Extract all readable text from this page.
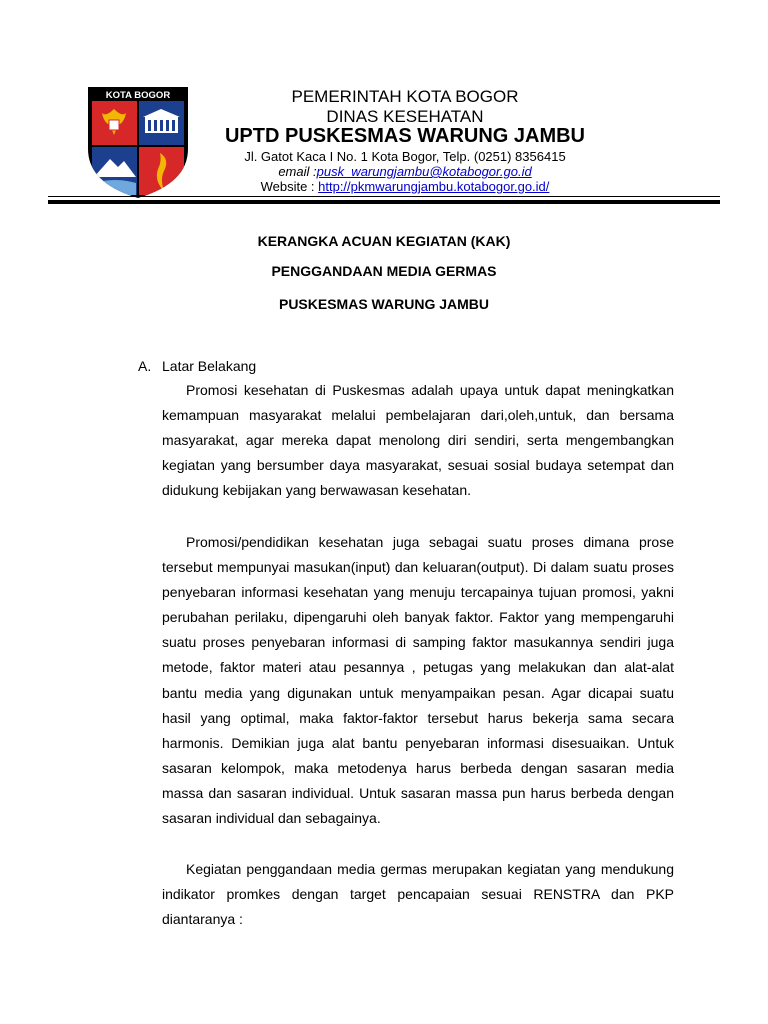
KOTA BOGOR	PEMERINTAH KOTA BOGOR
DINAS KESEHATAN
UPTD PUSKESMAS WARUNG JAMBU
Jl. Gatot Kaca I No. 1 Kota Bogor, Telp. (0251) 8356415
email :pusk_warungjambu@kotabogor.go.id
Website : http://pkmwarungjambu.kotabogor.go.id/
KERANGKA ACUAN KEGIATAN (KAK)
PENGGANDAAN MEDIA GERMAS
PUSKESMAS WARUNG JAMBU
A. Latar Belakang

Promosi kesehatan di Puskesmas adalah upaya untuk dapat meningkatkan kemampuan masyarakat melalui pembelajaran dari,oleh,untuk, dan bersama masyarakat, agar mereka dapat menolong diri sendiri, serta mengembangkan kegiatan yang bersumber daya masyarakat, sesuai sosial budaya setempat dan didukung kebijakan yang berwawasan kesehatan.

Promosi/pendidikan kesehatan juga sebagai suatu proses dimana prose tersebut mempunyai masukan(input) dan keluaran(output). Di dalam suatu proses penyebaran informasi kesehatan yang menuju tercapainya tujuan promosi, yakni perubahan perilaku, dipengaruhi oleh banyak faktor. Faktor yang mempengaruhi suatu proses penyebaran informasi di samping faktor masukannya sendiri juga metode, faktor materi atau pesannya , petugas yang melakukan dan alat-alat bantu media yang digunakan untuk menyampaikan pesan. Agar dicapai suatu hasil yang optimal, maka faktor-faktor tersebut harus bekerja sama secara harmonis. Demikian juga alat bantu penyebaran informasi disesuaikan. Untuk sasaran kelompok, maka metodenya harus berbeda dengan sasaran media massa dan sasaran individual. Untuk sasaran massa pun harus berbeda dengan sasaran individual dan sebagainya.

Kegiatan penggandaan media germas merupakan kegiatan yang mendukung indikator promkes dengan target pencapaian sesuai RENSTRA dan PKP diantaranya :
